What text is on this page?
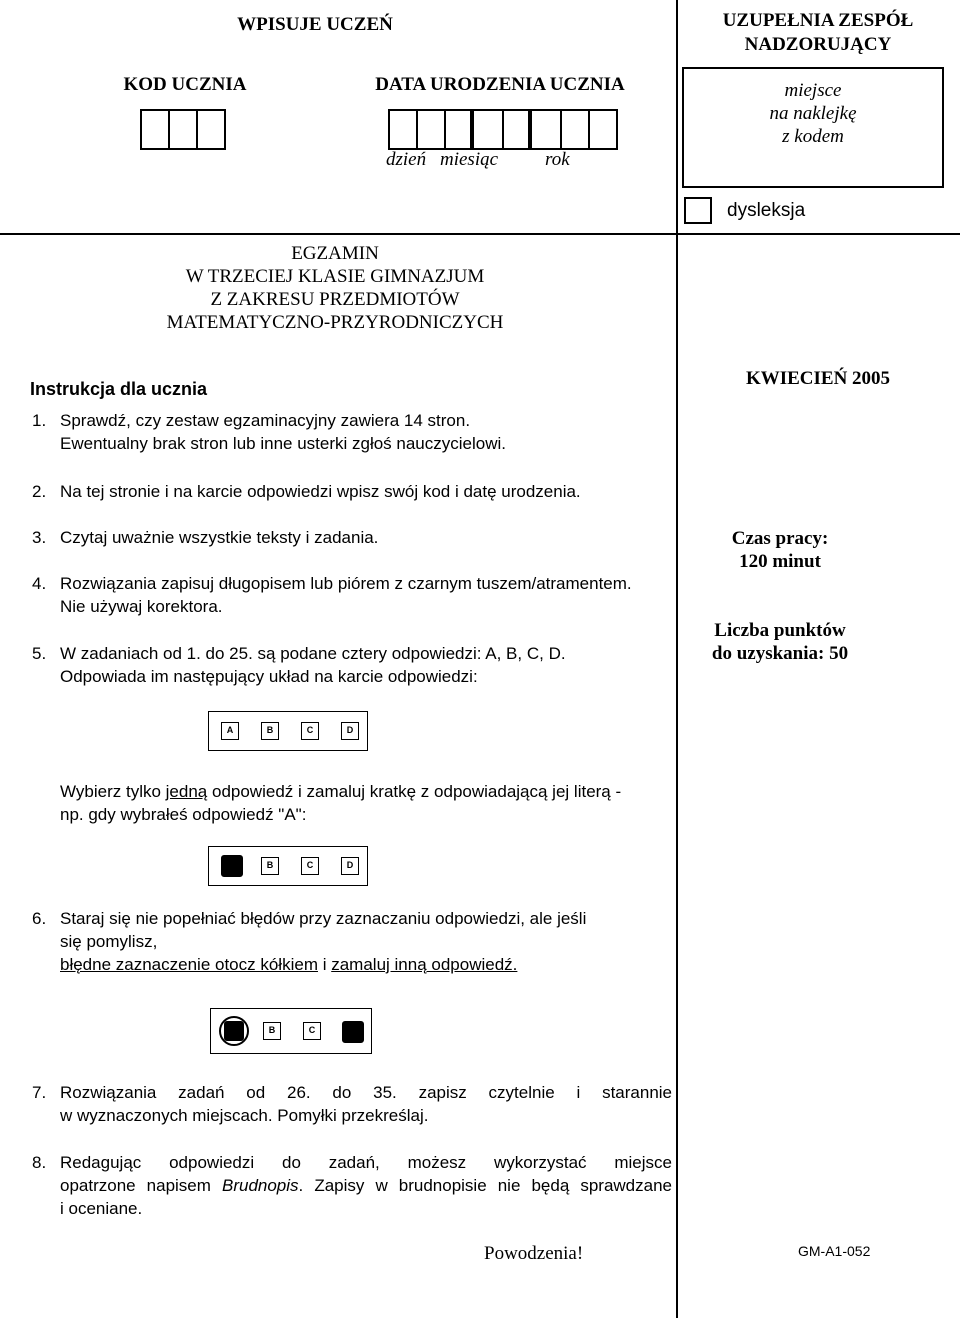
WPISUJE UCZEŃ
KOD UCZNIA	DATA URODZENIA UCZNIA
dzień miesiąc rok
UZUPEŁNIA ZESPÓŁ
NADZORUJĄCY
miejsce
na naklejkę
z kodem
dysleksja
EGZAMIN
W TRZECIEJ KLASIE GIMNAZJUM
Z ZAKRESU PRZEDMIOTÓW
MATEMATYCZNO-PRZYRODNICZYCH
KWIECIEŃ 2005
Czas pracy:
120 minut
Liczba punktów
do uzyskania: 50
Instrukcja dla ucznia
1. Sprawdź, czy zestaw egzaminacyjny zawiera 14 stron.
Ewentualny brak stron lub inne usterki zgłoś nauczycielowi.
2. Na tej stronie i na karcie odpowiedzi wpisz swój kod i datę urodzenia.
3. Czytaj uważnie wszystkie teksty i zadania.
4. Rozwiązania zapisuj długopisem lub piórem z czarnym tuszem/atramentem.
Nie używaj korektora.
5. W zadaniach od 1. do 25. są podane cztery odpowiedzi: A, B, C, D.
Odpowiada im następujący układ na karcie odpowiedzi:
A	B	C	D
Wybierz tylko jedną odpowiedź i zamaluj kratkę z odpowiadającą jej literą -
np. gdy wybrałeś odpowiedź "A":
B	C	D
6. Staraj się nie popełniać błędów przy zaznaczaniu odpowiedzi, ale jeśli
się pomylisz,
błędne zaznaczenie otocz kółkiem i zamaluj inną odpowiedź.
B	C
7. Rozwiązania zadań od 26. do 35. zapisz czytelnie i starannie
w wyznaczonych miejscach. Pomyłki przekreślaj.
8. Redagując odpowiedzi do zadań, możesz wykorzystać miejsce
opatrzone napisem Brudnopis. Zapisy w brudnopisie nie będą sprawdzane
i oceniane.
Powodzenia!	GM-A1-052
